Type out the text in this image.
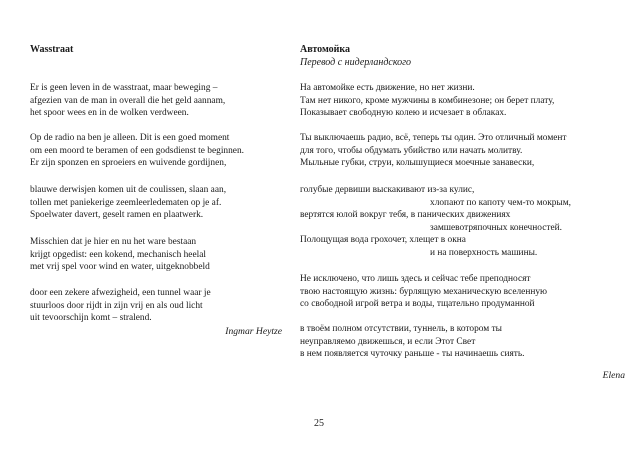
Wasstraat
Er is geen leven in de wasstraat, maar beweging –
afgezien van de man in overall die het geld aannam,
het spoor wees en in de wolken verdween.
Op de radio na ben je alleen. Dit is een goed moment
om een moord te beramen of een godsdienst te beginnen.
Er zijn sponzen en sproeiers en wuivende gordijnen,
blauwe derwisjen komen uit de coulissen, slaan aan,
tollen met paniekerige zeemleerledematen op je af.
Spoelwater davert, geselt ramen en plaatwerk.
Misschien dat je hier en nu het ware bestaan
krijgt opgedist: een kokend, mechanisch heelal
met vrij spel voor wind en water, uitgeknobbeld
door een zekere afwezigheid, een tunnel waar je
stuurloos door rijdt in zijn vrij en als oud licht
uit tevoorschijn komt – stralend.
Ingmar Heytze
Автомойка
Перевод с нидерландского
На автомойке есть движение, но нет жизни.
Там нет никого, кроме мужчины в комбинезоне; он берет плату,
Показывает свободную колею и исчезает в облаках.
Ты выключаешь радио, всё, теперь ты один. Это отличный момент
для того, чтобы обдумать убийство или начать молитву.
Мыльные губки, струи, колышущиеся моечные занавески,
голубые дервиши выскакивают из-за кулис,
хлопают по капоту чем-то мокрым,
вертятся юлой вокруг тебя, в панических движениях
замшевотряпочных конечностей.
Полощущая вода грохочет, хлещет в окна
и на поверхность машины.
Не исключено, что лишь здесь и сейчас тебе преподносят
твою настоящую жизнь: бурлящую механическую вселенную
со свободной игрой ветра и воды, тщательно продуманной
в твоём полном отсутствии, туннель, в котором ты
неуправляемо движешься, и если Этот Свет
в нем появляется чуточку раньше - ты начинаешь сиять.
Elena
25
